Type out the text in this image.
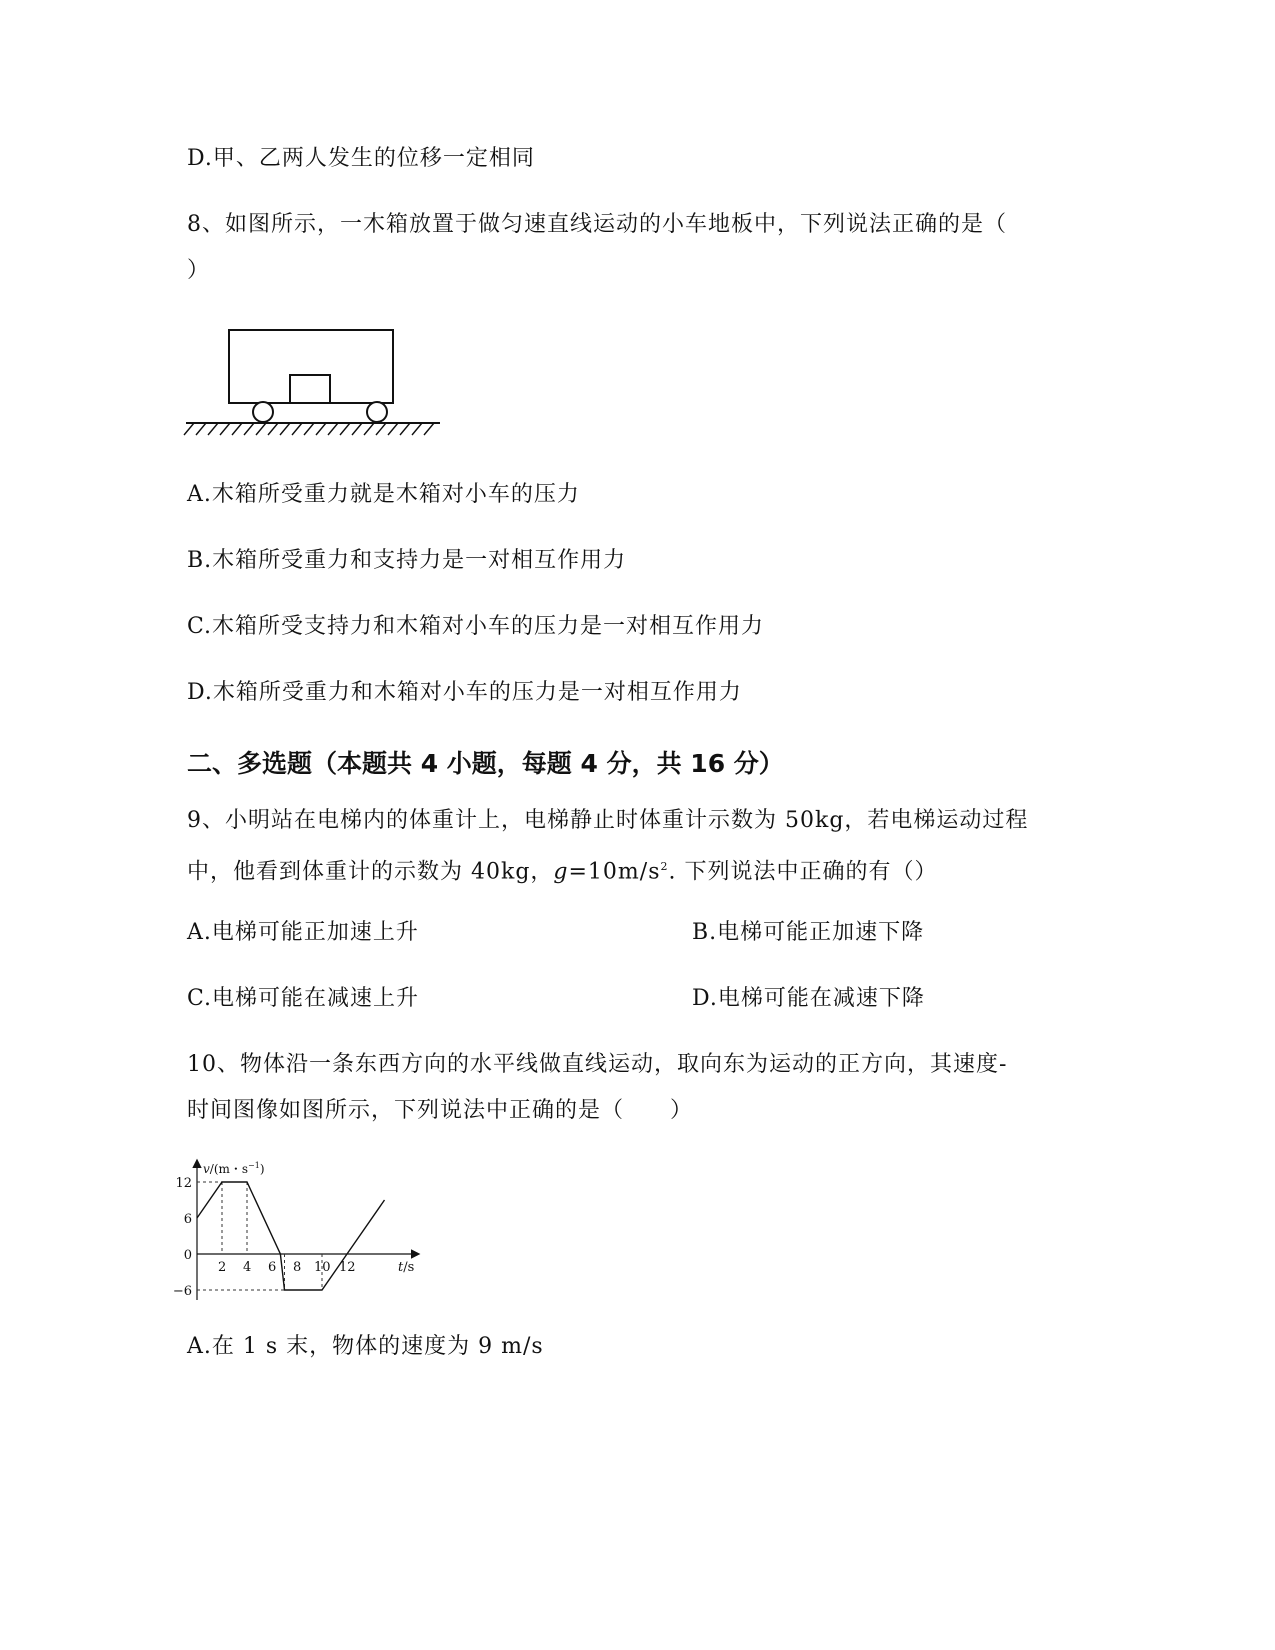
D.甲、乙两人发生的位移一定相同
8、如图所示，一木箱放置于做匀速直线运动的小车地板中，下列说法正确的是（
）
A.木箱所受重力就是木箱对小车的压力
B.木箱所受重力和支持力是一对相互作用力
C.木箱所受支持力和木箱对小车的压力是一对相互作用力
D.木箱所受重力和木箱对小车的压力是一对相互作用力
二、多选题（本题共 4 小题，每题 4 分，共 16 分）
9、小明站在电梯内的体重计上，电梯静止时体重计示数为 50kg，若电梯运动过程
中，他看到体重计的示数为 40kg，$g=10m/s^2$. 下列说法中正确的有（）
A.电梯可能正加速上升	B.电梯可能正加速下降
C.电梯可能在减速上升	D.电梯可能在减速下降
10、物体沿一条东西方向的水平线做直线运动，取向东为运动的正方向，其速度-
时间图像如图所示，下列说法中正确的是（　　）
2 4 6 8 10 12
12
6
0
−6
v/(m・$s^{-1}$)
t/s
A.在 1 s 末，物体的速度为 9 m/s
